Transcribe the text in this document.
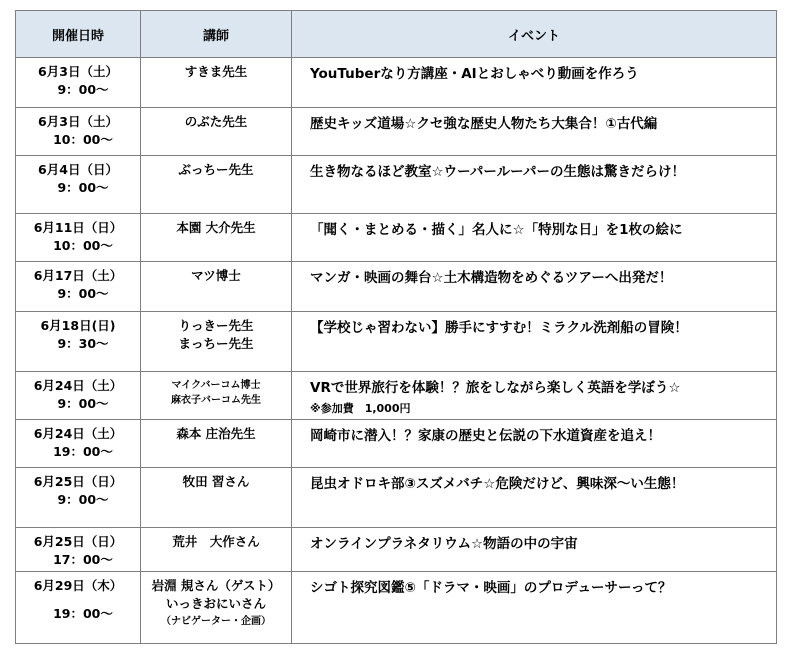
開催日時	講師	イベント

6月3日（土）
9：00〜	すきま先生	YouTuberなり方講座・AIとおしゃべり動画を作ろう

6月3日（土）
10：00〜	のぶた先生	歴史キッズ道場☆クセ強な歴史人物たち大集合！①古代編

6月4日（日）
9：00〜	ぶっちー先生	生き物なるほど教室☆ウーパールーパーの生態は驚きだらけ！

6月11日（日）
10：00〜	本園 大介先生	「聞く・まとめる・描く」名人に☆「特別な日」を1枚の絵に

6月17日（土）
9：00〜	マツ博士	マンガ・映画の舞台☆土木構造物をめぐるツアーへ出発だ！

6月18日(日)
9：30〜	りっきー先生
まっちー先生	【学校じゃ習わない】勝手にすすむ！ミラクル洗剤船の冒険！

6月24日（土）
9：00〜	マイクバーコム博士
麻衣子バーコム先生	VRで世界旅行を体験！？旅をしながら楽しく英語を学ぼう☆
※参加費　1,000円

6月24日（土）
19：00〜	森本 庄治先生	岡崎市に潜入！？家康の歴史と伝説の下水道資産を追え！

6月25日（日）
9：00〜	牧田 習さん	昆虫オドロキ部③スズメバチ☆危険だけど、興味深〜い生態！

6月25日（日）
17：00〜	荒井　大作さん	オンラインプラネタリウム☆物語の中の宇宙

6月29日（木）
19：00〜	岩淵 規さん（ゲスト）
いっきおにいさん
（ナビゲーター・企画）	シゴト探究図鑑⑤「ドラマ・映画」のプロデューサーって？
